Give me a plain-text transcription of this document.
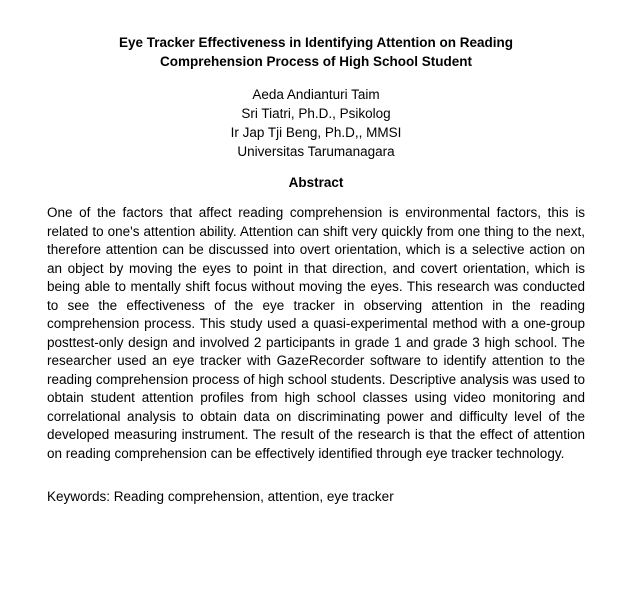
Eye Tracker Effectiveness in Identifying Attention on Reading
Comprehension Process of High School Student
Aeda Andianturi Taim
Sri Tiatri, Ph.D., Psikolog
Ir Jap Tji Beng, Ph.D,, MMSI
Universitas Tarumanagara
Abstract

One of the factors that affect reading comprehension is environmental factors, this is related to one's attention ability. Attention can shift very quickly from one thing to the next, therefore attention can be discussed into overt orientation, which is a selective action on an object by moving the eyes to point in that direction, and covert orientation, which is being able to mentally shift focus without moving the eyes. This research was conducted to see the effectiveness of the eye tracker in observing attention in the reading comprehension process. This study used a quasi-experimental method with a one-group posttest-only design and involved 2 participants in grade 1 and grade 3 high school. The researcher used an eye tracker with GazeRecorder software to identify attention to the reading comprehension process of high school students. Descriptive analysis was used to obtain student attention profiles from high school classes using video monitoring and correlational analysis to obtain data on discriminating power and difficulty level of the developed measuring instrument. The result of the research is that the effect of attention on reading comprehension can be effectively identified through eye tracker technology.

Keywords: Reading comprehension, attention, eye tracker
